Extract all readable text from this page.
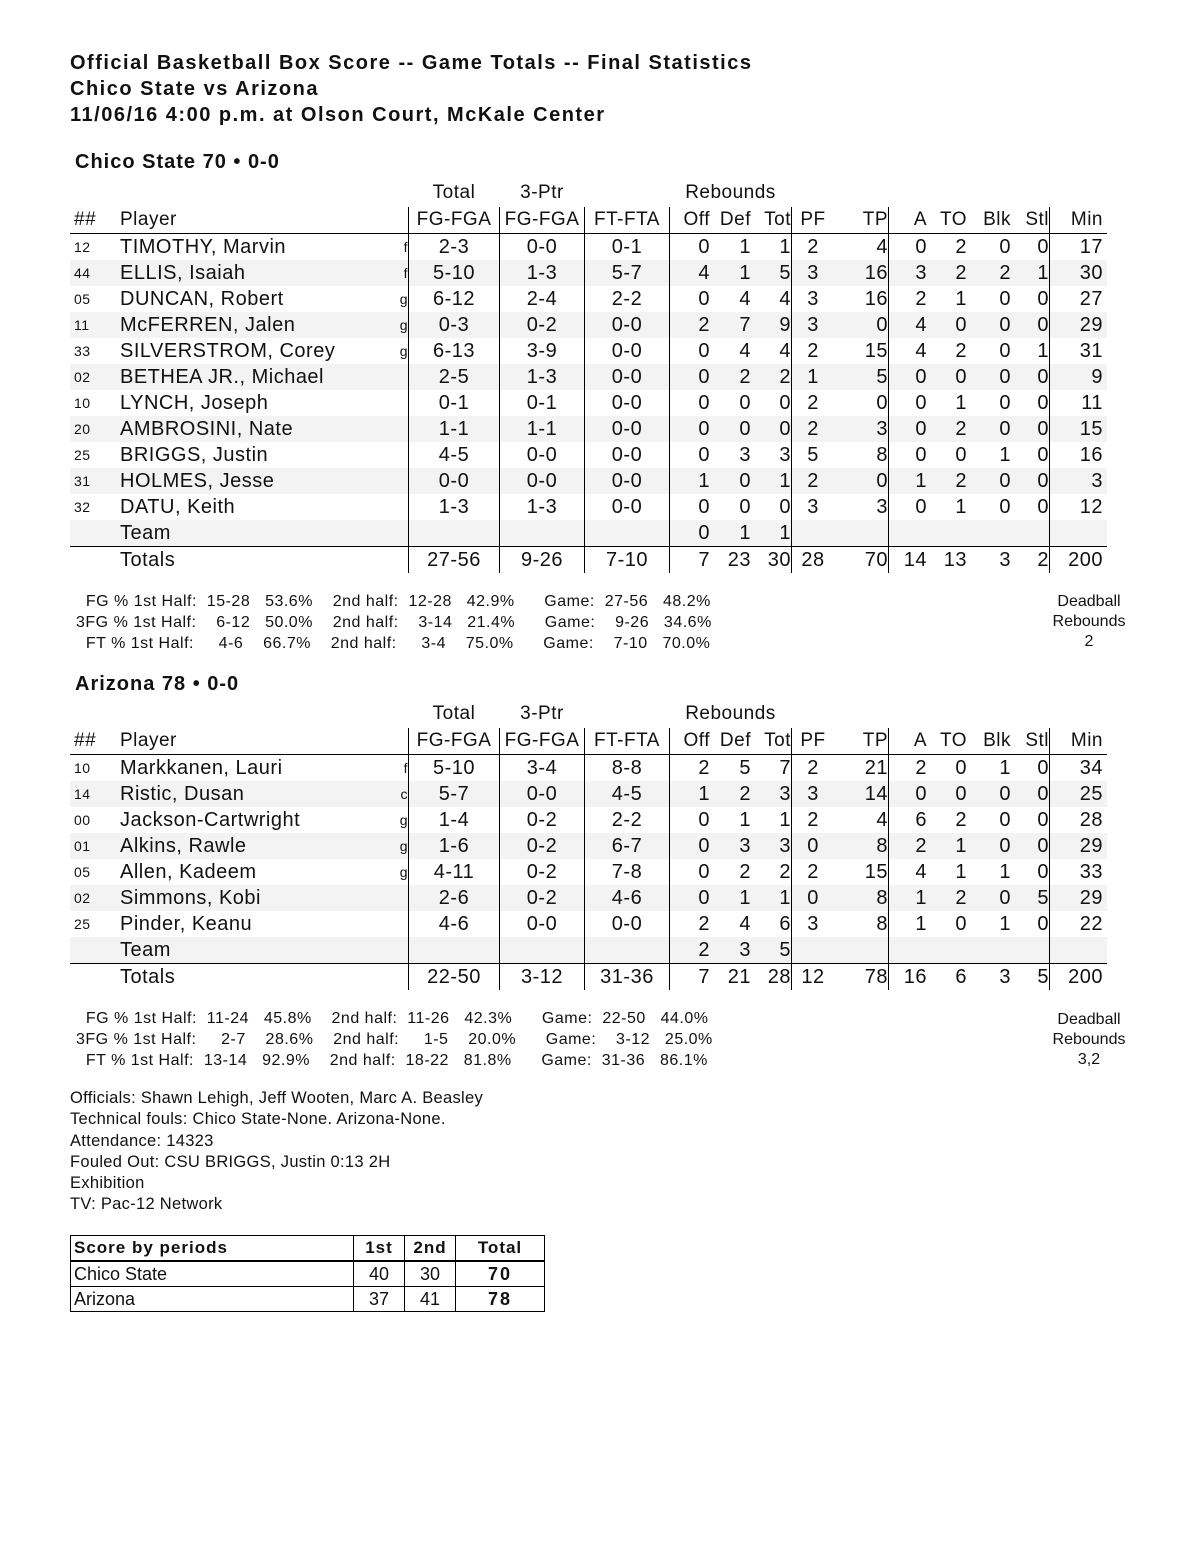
Official Basketball Box Score -- Game Totals -- Final Statistics
Chico State vs Arizona
11/06/16 4:00 p.m. at Olson Court, McKale Center
Chico State 70 • 0-0
			Total	3-Ptr		Rebounds									
##	Player		FG-FGA	FG-FGA	FT-FTA	Off	Def	Tot	PF	TP	A	TO	Blk	Stl	Min
12	TIMOTHY, Marvin	f	2-3	0-0	0-1	0	1	1	2	4	0	2	0	0	17
44	ELLIS, Isaiah	f	5-10	1-3	5-7	4	1	5	3	16	3	2	2	1	30
05	DUNCAN, Robert	g	6-12	2-4	2-2	0	4	4	3	16	2	1	0	0	27
11	McFERREN, Jalen	g	0-3	0-2	0-0	2	7	9	3	0	4	0	0	0	29
33	SILVERSTROM, Corey	g	6-13	3-9	0-0	0	4	4	2	15	4	2	0	1	31
02	BETHEA JR., Michael		2-5	1-3	0-0	0	2	2	1	5	0	0	0	0	9
10	LYNCH, Joseph		0-1	0-1	0-0	0	0	0	2	0	0	1	0	0	11
20	AMBROSINI, Nate		1-1	1-1	0-0	0	0	0	2	3	0	2	0	0	15
25	BRIGGS, Justin		4-5	0-0	0-0	0	3	3	5	8	0	0	1	0	16
31	HOLMES, Jesse		0-0	0-0	0-0	1	0	1	2	0	1	2	0	0	3
32	DATU, Keith		1-3	1-3	0-0	0	0	0	3	3	0	1	0	0	12
	Team					0	1	1							
	Totals		27-56	9-26	7-10	7	23	30	28	70	14	13	3	2	200
FG % 1st Half:  15-28   53.6%    2nd half:  12-28   42.9%      Game:  27-56   48.2%
3FG % 1st Half:    6-12   50.0%    2nd half:    3-14   21.4%      Game:    9-26   34.6%
FT % 1st Half:     4-6    66.7%    2nd half:     3-4    75.0%      Game:    7-10   70.0%
Deadball
Rebounds
2
Arizona 78 • 0-0
			Total	3-Ptr		Rebounds									
##	Player		FG-FGA	FG-FGA	FT-FTA	Off	Def	Tot	PF	TP	A	TO	Blk	Stl	Min
10	Markkanen, Lauri	f	5-10	3-4	8-8	2	5	7	2	21	2	0	1	0	34
14	Ristic, Dusan	c	5-7	0-0	4-5	1	2	3	3	14	0	0	0	0	25
00	Jackson-Cartwright	g	1-4	0-2	2-2	0	1	1	2	4	6	2	0	0	28
01	Alkins, Rawle	g	1-6	0-2	6-7	0	3	3	0	8	2	1	0	0	29
05	Allen, Kadeem	g	4-11	0-2	7-8	0	2	2	2	15	4	1	1	0	33
02	Simmons, Kobi		2-6	0-2	4-6	0	1	1	0	8	1	2	0	5	29
25	Pinder, Keanu		4-6	0-0	0-0	2	4	6	3	8	1	0	1	0	22
	Team					2	3	5							
	Totals		22-50	3-12	31-36	7	21	28	12	78	16	6	3	5	200
FG % 1st Half:  11-24   45.8%    2nd half:  11-26   42.3%      Game:  22-50   44.0%
3FG % 1st Half:     2-7    28.6%    2nd half:     1-5    20.0%      Game:    3-12   25.0%
FT % 1st Half:  13-14   92.9%    2nd half:  18-22   81.8%      Game:  31-36   86.1%
Deadball
Rebounds
3,2
Officials: Shawn Lehigh, Jeff Wooten, Marc A. Beasley
Technical fouls: Chico State-None. Arizona-None.
Attendance: 14323
Fouled Out: CSU BRIGGS, Justin 0:13 2H
Exhibition
TV: Pac-12 Network
Score by periods	1st	2nd	Total
Chico State	40	30	70
Arizona	37	41	78
